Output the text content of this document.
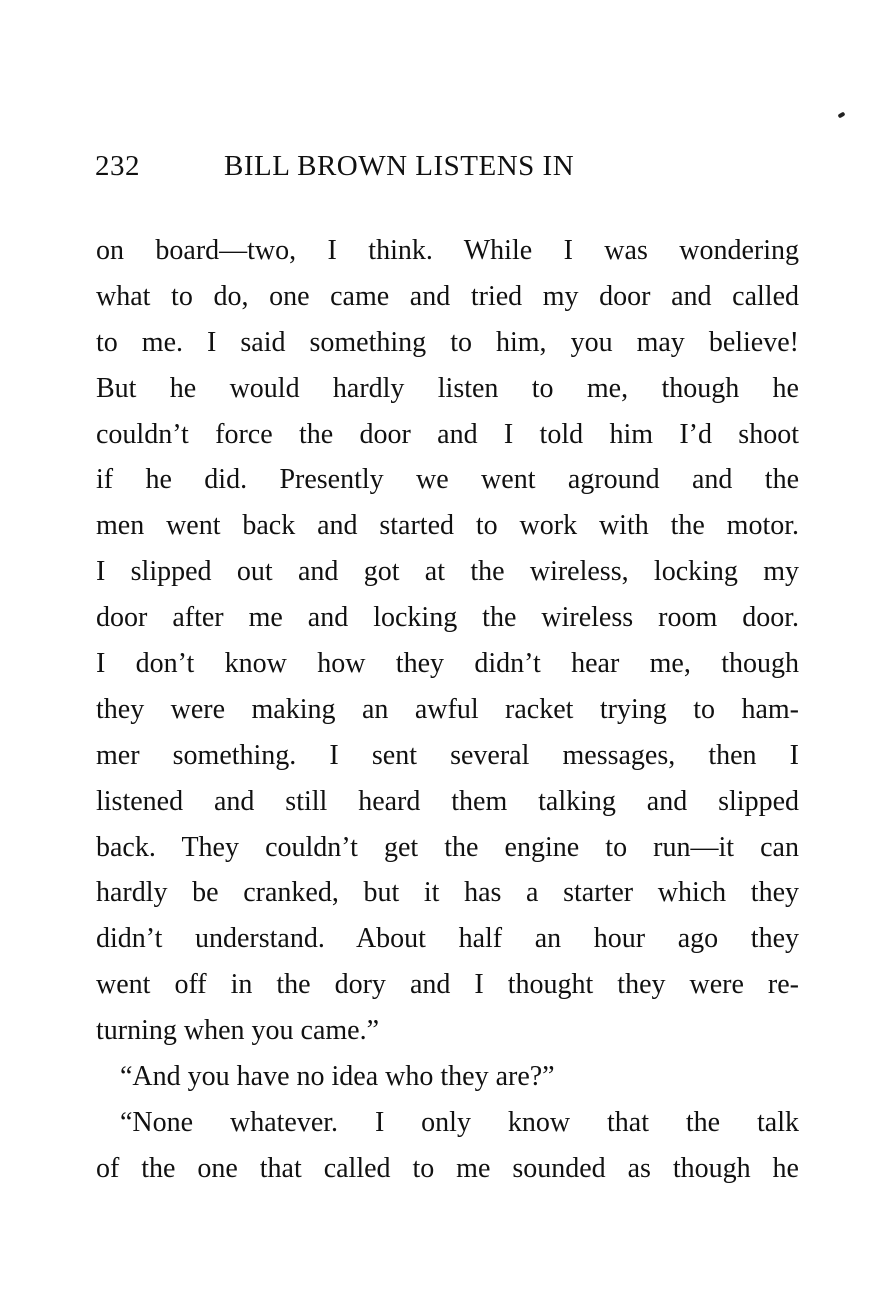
232	BILL BROWN LISTENS IN
on board—two, I think. While I was wondering
what to do, one came and tried my door and called
to me. I said something to him, you may believe!
But he would hardly listen to me, though he
couldn’t force the door and I told him I’d shoot
if he did. Presently we went aground and the
men went back and started to work with the motor.
I slipped out and got at the wireless, locking my
door after me and locking the wireless room door.
I don’t know how they didn’t hear me, though
they were making an awful racket trying to ham-
mer something. I sent several messages, then I
listened and still heard them talking and slipped
back. They couldn’t get the engine to run—it can
hardly be cranked, but it has a starter which they
didn’t understand. About half an hour ago they
went off in the dory and I thought they were re-
turning when you came.”
“And you have no idea who they are?”
“None whatever. I only know that the talk
of the one that called to me sounded as though he
